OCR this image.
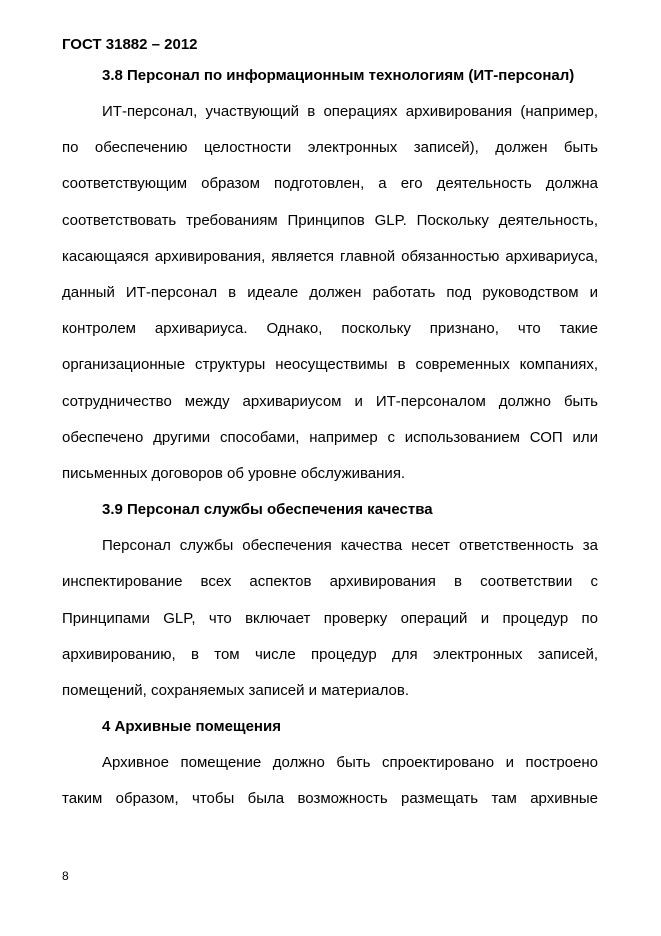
ГОСТ 31882 – 2012

3.8 Персонал по информационным технологиям (ИТ-персонал)

ИТ-персонал, участвующий в операциях архивирования (например, по обеспечению целостности электронных записей), должен быть соответствующим образом подготовлен, а его деятельность должна соответствовать требованиям Принципов GLP. Поскольку деятельность, касающаяся архивирования, является главной обязанностью архивариуса, данный ИТ-персонал в идеале должен работать под руководством и контролем архивариуса. Однако, поскольку признано, что такие организационные структуры неосуществимы в современных компаниях, сотрудничество между архивариусом и ИТ-персоналом должно быть обеспечено другими способами, например с использованием СОП или письменных договоров об уровне обслуживания.

3.9 Персонал службы обеспечения качества

Персонал службы обеспечения качества несет ответственность за инспектирование всех аспектов архивирования в соответствии с Принципами GLP, что включает проверку операций и процедур по архивированию, в том числе процедур для электронных записей, помещений, сохраняемых записей и материалов.

4 Архивные помещения

Архивное помещение должно быть спроектировано и построено таким образом, чтобы была возможность размещать там архивные

8
